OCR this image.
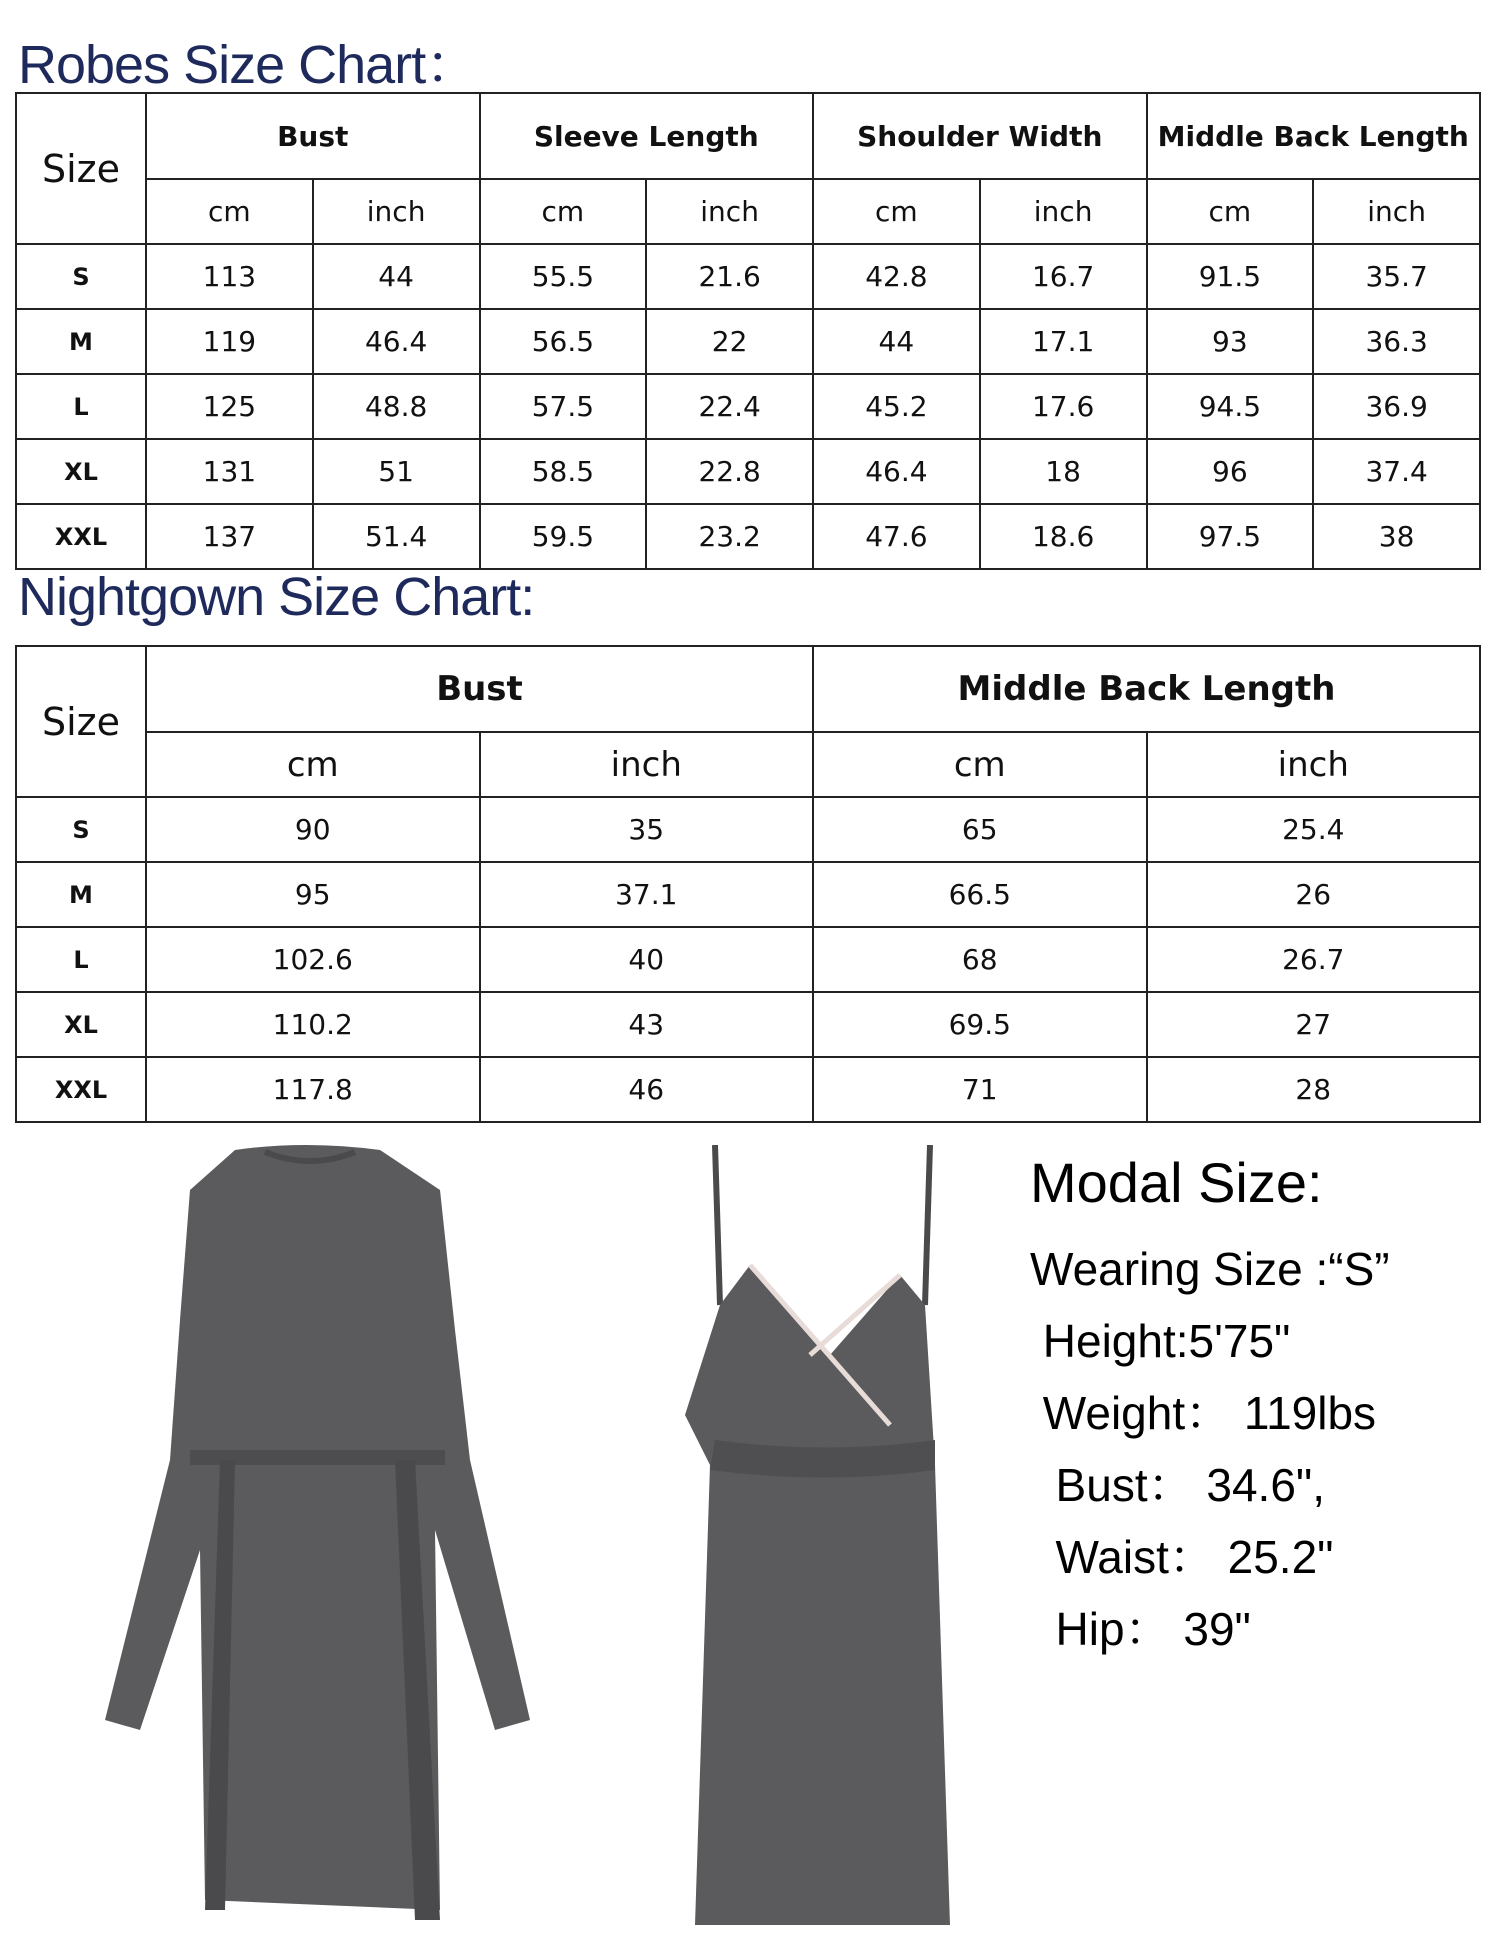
Robes Size Chart：
Size	Bust		Sleeve Length		Shoulder Width		Middle Back Length	
	cm	inch	cm	inch	cm	inch	cm	inch
S	113	44	55.5	21.6	42.8	16.7	91.5	35.7
M	119	46.4	56.5	22	44	17.1	93	36.3
L	125	48.8	57.5	22.4	45.2	17.6	94.5	36.9
XL	131	51	58.5	22.8	46.4	18	96	37.4
XXL	137	51.4	59.5	23.2	47.6	18.6	97.5	38
Nightgown Size Chart:
Size	Bust		Middle Back Length	
	cm	inch	cm	inch
S	90	35	65	25.4
M	95	37.1	66.5	26
L	102.6	40	68	26.7
XL	110.2	43	69.5	27
XXL	117.8	46	71	28
Modal Size:
Wearing Size :“S”
Height:5'75"
Weight： 119lbs
Bust： 34.6",
Waist： 25.2"
Hip： 39"
